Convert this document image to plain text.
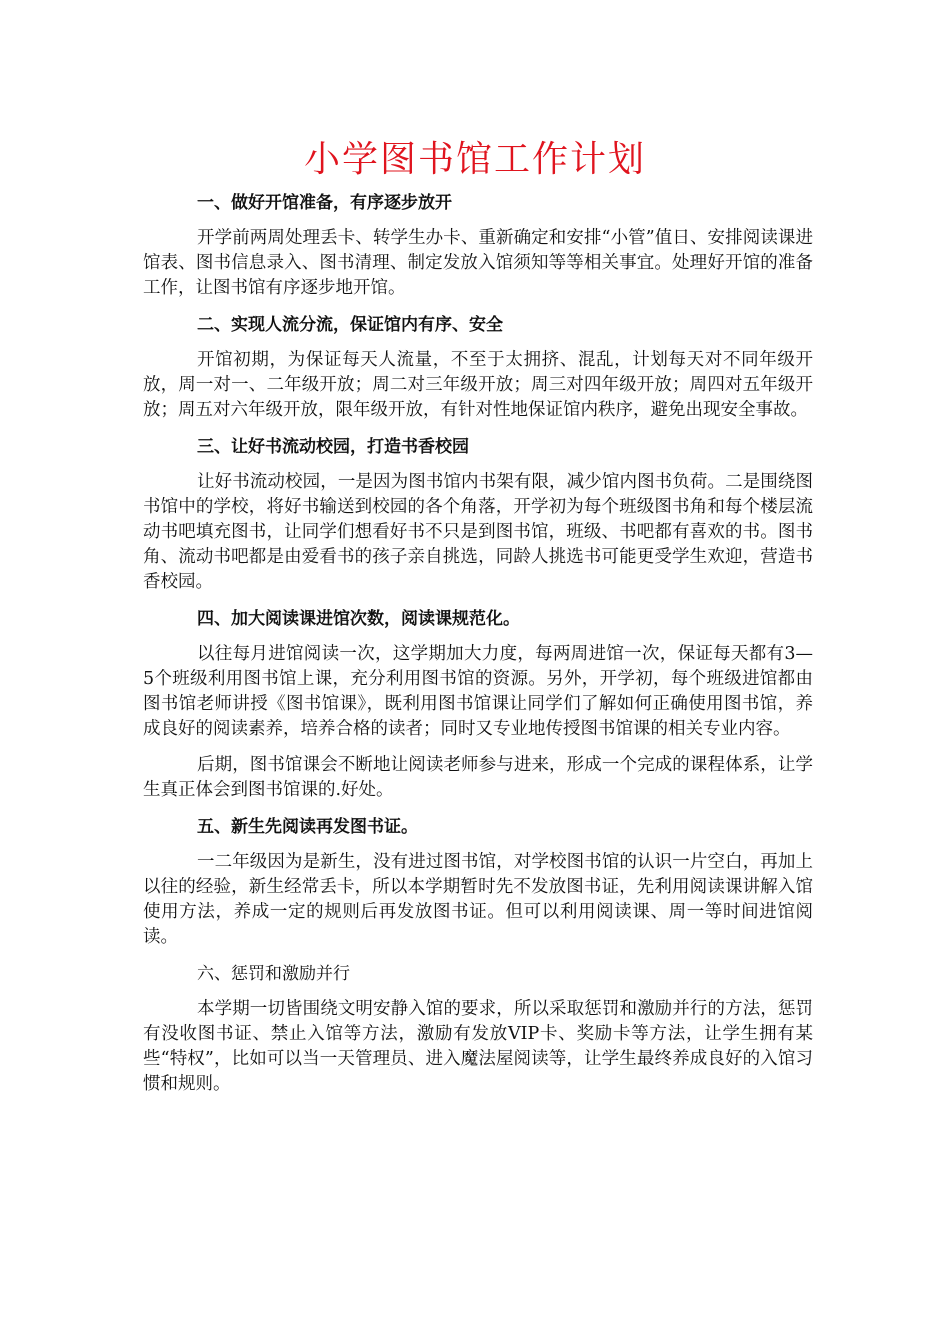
小学图书馆工作计划
一、做好开馆准备，有序逐步放开
开学前两周处理丢卡、转学生办卡、重新确定和安排“小管”值日、安排阅读课进馆表、图书信息录入、图书清理、制定发放入馆须知等等相关事宜。处理好开馆的准备工作，让图书馆有序逐步地开馆。
二、实现人流分流，保证馆内有序、安全
开馆初期，为保证每天人流量，不至于太拥挤、混乱，计划每天对不同年级开放，周一对一、二年级开放；周二对三年级开放；周三对四年级开放；周四对五年级开放；周五对六年级开放，限年级开放，有针对性地保证馆内秩序，避免出现安全事故。
三、让好书流动校园，打造书香校园
让好书流动校园，一是因为图书馆内书架有限，减少馆内图书负荷。二是围绕图书馆中的学校，将好书输送到校园的各个角落，开学初为每个班级图书角和每个楼层流动书吧填充图书，让同学们想看好书不只是到图书馆，班级、书吧都有喜欢的书。图书角、流动书吧都是由爱看书的孩子亲自挑选，同龄人挑选书可能更受学生欢迎，营造书香校园。
四、加大阅读课进馆次数，阅读课规范化。
以往每月进馆阅读一次，这学期加大力度，每两周进馆一次，保证每天都有3—5个班级利用图书馆上课，充分利用图书馆的资源。另外，开学初，每个班级进馆都由图书馆老师讲授《图书馆课》，既利用图书馆课让同学们了解如何正确使用图书馆，养成良好的阅读素养，培养合格的读者；同时又专业地传授图书馆课的相关专业内容。
后期，图书馆课会不断地让阅读老师参与进来，形成一个完成的课程体系，让学生真正体会到图书馆课的.好处。
五、新生先阅读再发图书证。
一二年级因为是新生，没有进过图书馆，对学校图书馆的认识一片空白，再加上以往的经验，新生经常丢卡，所以本学期暂时先不发放图书证，先利用阅读课讲解入馆使用方法，养成一定的规则后再发放图书证。但可以利用阅读课、周一等时间进馆阅读。
六、惩罚和激励并行
本学期一切皆围绕文明安静入馆的要求，所以采取惩罚和激励并行的方法，惩罚有没收图书证、禁止入馆等方法，激励有发放VIP卡、奖励卡等方法，让学生拥有某些“特权”，比如可以当一天管理员、进入魔法屋阅读等，让学生最终养成良好的入馆习惯和规则。
